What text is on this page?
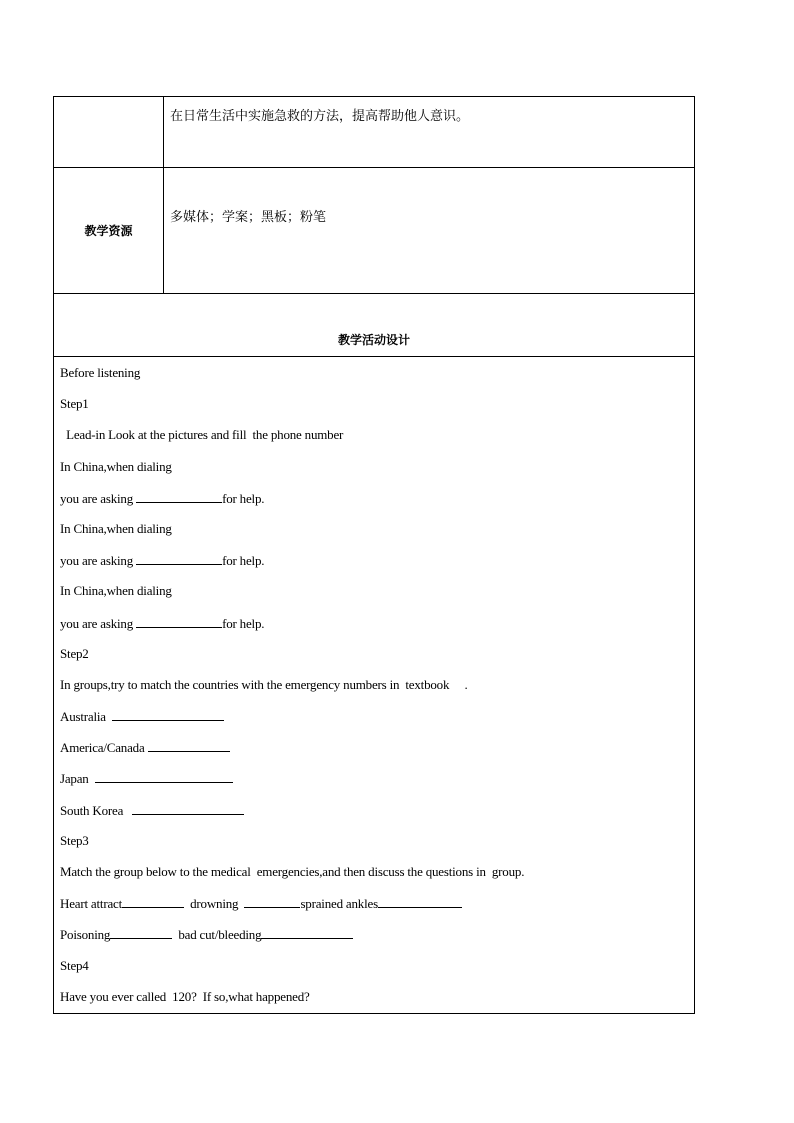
在日常生活中实施急救的方法，提高帮助他人意识。
教学资源
多媒体；学案；黑板；粉笔
教学活动设计
Before listening
Step1
Lead-in Look at the pictures and fill  the phone number
In China,when dialing
you are asking	for help.
In China,when dialing
you are asking	for help.
In China,when dialing
you are asking	for help.
Step2
In groups,try to match the countries with the emergency numbers in  textbook     .
Australia
America/Canada
Japan
South Korea
Step3
Match the group below to the medical  emergencies,and then discuss the questions in  group.
Heart attract	drowning	sprained ankles
Poisoning	bad cut/bleeding
Step4
Have you ever called  120?  If so,what happened?
